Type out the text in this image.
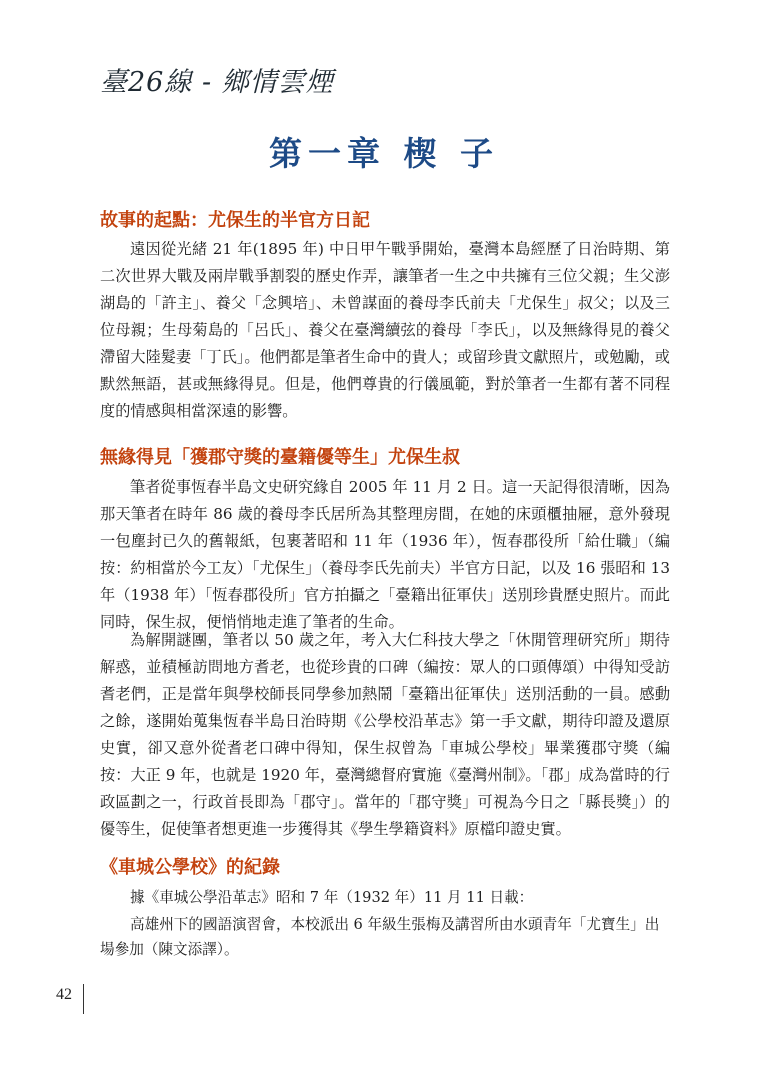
臺26線 - 鄉情雲煙
第一章 楔 子
故事的起點：尤保生的半官方日記

遠因從光緒 21 年(1895 年) 中日甲午戰爭開始，臺灣本島經歷了日治時期、第二次世界大戰及兩岸戰爭割裂的歷史作弄，讓筆者一生之中共擁有三位父親；生父澎湖島的「許主」、養父「念興培」、未曾謀面的養母李氏前夫「尤保生」叔父；以及三位母親；生母菊島的「呂氏」、養父在臺灣續弦的養母「李氏」，以及無緣得見的養父滯留大陸髮妻「丁氏」。他們都是筆者生命中的貴人；或留珍貴文獻照片，或勉勵，或默然無語，甚或無緣得見。但是，他們尊貴的行儀風範，對於筆者一生都有著不同程度的情感與相當深遠的影響。

無緣得見「獲郡守獎的臺籍優等生」尤保生叔

筆者從事恆春半島文史研究緣自 2005 年 11 月 2 日。這一天記得很清晰，因為那天筆者在時年 86 歲的養母李氏居所為其整理房間，在她的床頭櫃抽屜，意外發現一包塵封已久的舊報紙，包裹著昭和 11 年（1936 年），恆春郡役所「給仕職」（編按：約相當於今工友）「尤保生」（養母李氏先前夫）半官方日記，以及 16 張昭和 13 年（1938 年）「恆春郡役所」官方拍攝之「臺籍出征軍伕」送別珍貴歷史照片。而此同時，保生叔，便悄悄地走進了筆者的生命。

為解開謎團，筆者以 50 歲之年，考入大仁科技大學之「休閒管理研究所」期待解惑，並積極訪問地方耆老，也從珍貴的口碑（編按：眾人的口頭傳頌）中得知受訪耆老們，正是當年與學校師長同學參加熱鬧「臺籍出征軍伕」送別活動的一員。感動之餘，遂開始蒐集恆春半島日治時期《公學校沿革志》第一手文獻，期待印證及還原史實，卻又意外從耆老口碑中得知，保生叔曾為「車城公學校」畢業獲郡守獎（編按：大正 9 年，也就是 1920 年，臺灣總督府實施《臺灣州制》。「郡」成為當時的行政區劃之一，行政首長即為「郡守」。當年的「郡守獎」可視為今日之「縣長獎」）的優等生，促使筆者想更進一步獲得其《學生學籍資料》原檔印證史實。

《車城公學校》的紀錄

據《車城公學沿革志》昭和 7 年（1932 年）11 月 11 日載：

高雄州下的國語演習會，本校派出 6 年級生張梅及講習所由水頭青年「尤寶生」出場參加（陳文添譯）。

42
